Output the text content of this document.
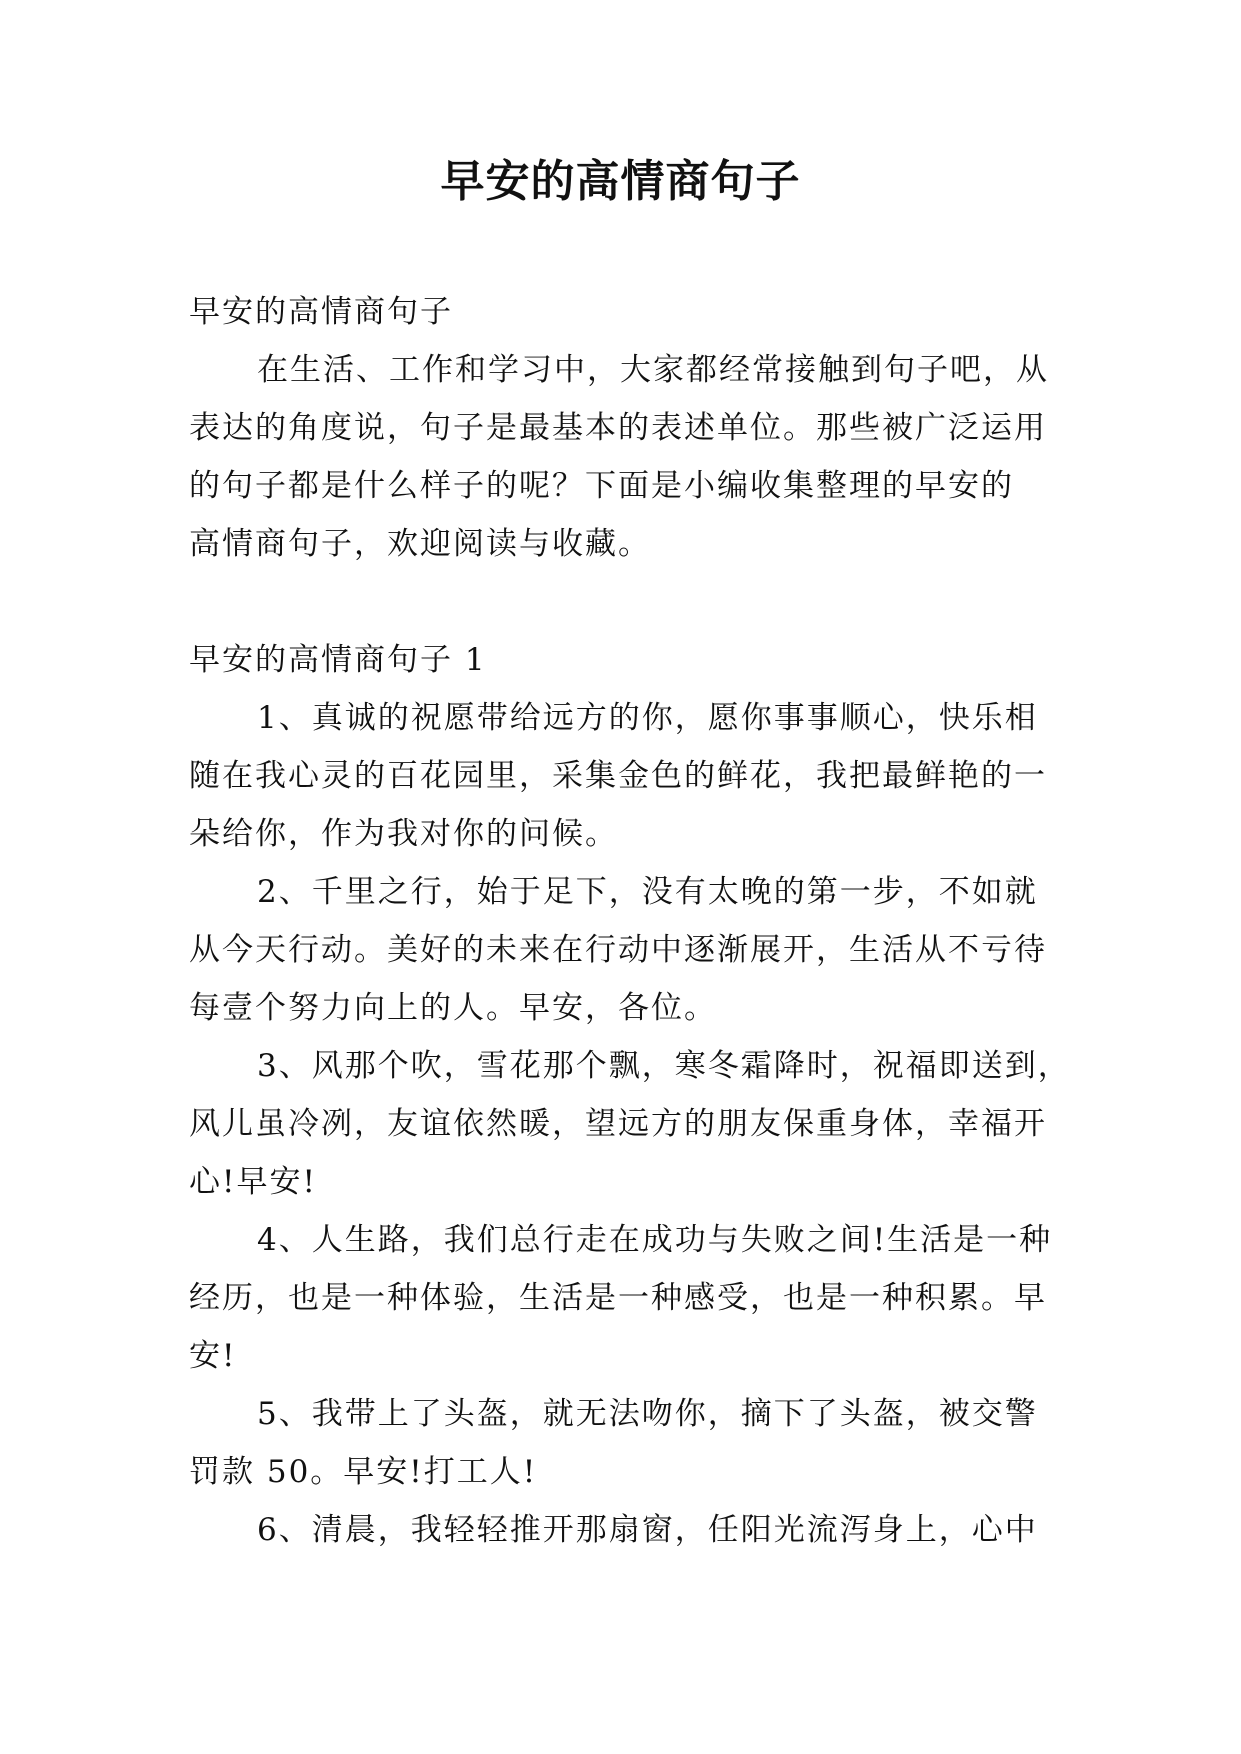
早安的高情商句子
早安的高情商句子
在生活、工作和学习中，大家都经常接触到句子吧，从
表达的角度说，句子是最基本的表述单位。那些被广泛运用
的句子都是什么样子的呢？下面是小编收集整理的早安的
高情商句子，欢迎阅读与收藏。
早安的高情商句子 1
1、真诚的祝愿带给远方的你，愿你事事顺心，快乐相
随在我心灵的百花园里，采集金色的鲜花，我把最鲜艳的一
朵给你，作为我对你的问候。
2、千里之行，始于足下，没有太晚的第一步，不如就
从今天行动。美好的未来在行动中逐渐展开，生活从不亏待
每壹个努力向上的人。早安，各位。
3、风那个吹，雪花那个飘，寒冬霜降时，祝福即送到，
风儿虽冷冽，友谊依然暖，望远方的朋友保重身体，幸福开
心!早安!
4、人生路，我们总行走在成功与失败之间!生活是一种
经历，也是一种体验，生活是一种感受，也是一种积累。早
安!
5、我带上了头盔，就无法吻你，摘下了头盔，被交警
罚款 50。早安!打工人!
6、清晨，我轻轻推开那扇窗，任阳光流泻身上，心中
